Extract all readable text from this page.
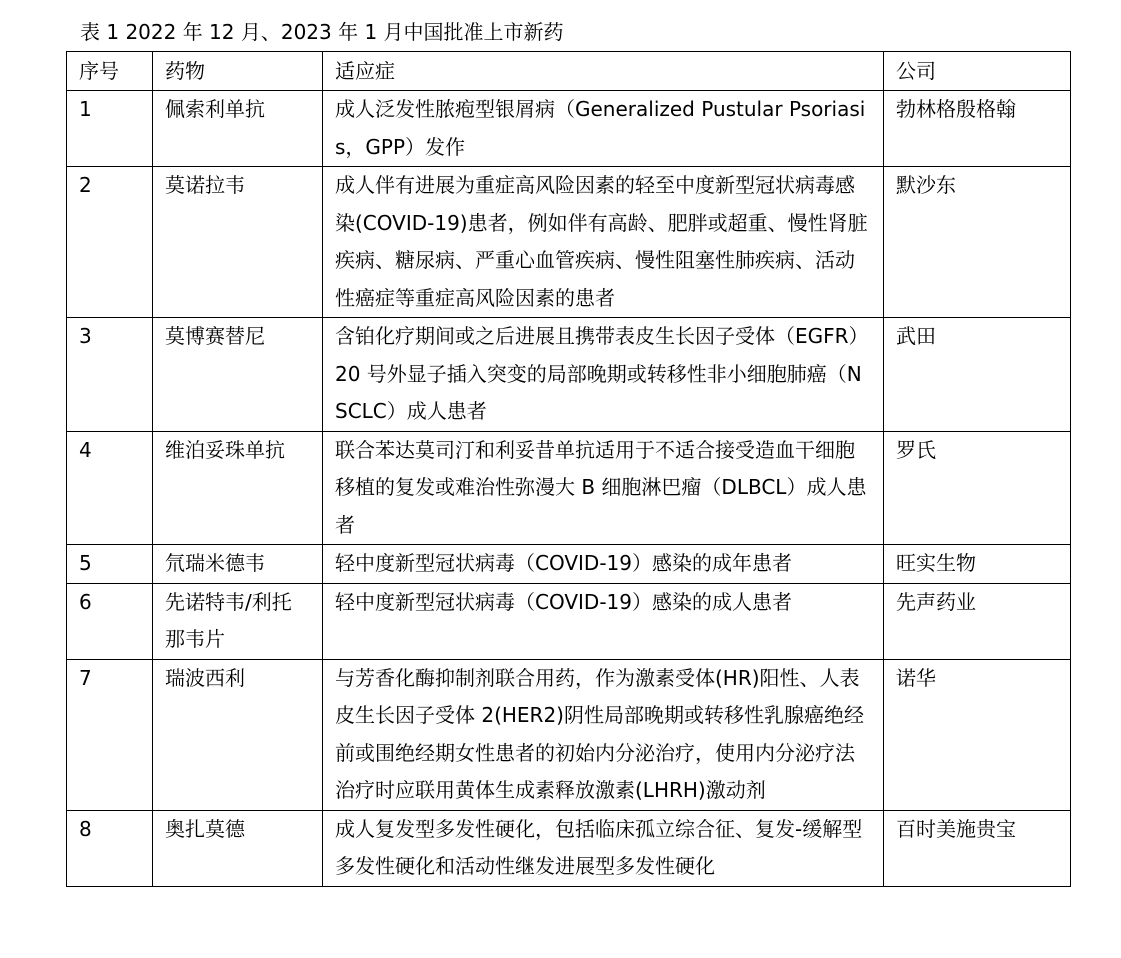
表 1 2022 年 12 月、2023 年 1 月中国批准上市新药
序号	药物	适应症	公司
1	佩索利单抗	成人泛发性脓疱型银屑病（Generalized Pustular Psoriasis，GPP）发作	勃林格殷格翰
2	莫诺拉韦	成人伴有进展为重症高风险因素的轻至中度新型冠状病毒感染(COVID-19)患者，例如伴有高龄、肥胖或超重、慢性肾脏疾病、糖尿病、严重心血管疾病、慢性阻塞性肺疾病、活动性癌症等重症高风险因素的患者	默沙东
3	莫博赛替尼	含铂化疗期间或之后进展且携带表皮生长因子受体（EGFR）20 号外显子插入突变的局部晚期或转移性非小细胞肺癌（NSCLC）成人患者	武田
4	维泊妥珠单抗	联合苯达莫司汀和利妥昔单抗适用于不适合接受造血干细胞移植的复发或难治性弥漫大 B 细胞淋巴瘤（DLBCL）成人患者	罗氏
5	氘瑞米德韦	轻中度新型冠状病毒（COVID-19）感染的成年患者	旺实生物
6	先诺特韦/利托那韦片	轻中度新型冠状病毒（COVID-19）感染的成人患者	先声药业
7	瑞波西利	与芳香化酶抑制剂联合用药，作为激素受体(HR)阳性、人表皮生长因子受体 2(HER2)阴性局部晚期或转移性乳腺癌绝经前或围绝经期女性患者的初始内分泌治疗，使用内分泌疗法治疗时应联用黄体生成素释放激素(LHRH)激动剂	诺华
8	奥扎莫德	成人复发型多发性硬化，包括临床孤立综合征、复发-缓解型多发性硬化和活动性继发进展型多发性硬化	百时美施贵宝
